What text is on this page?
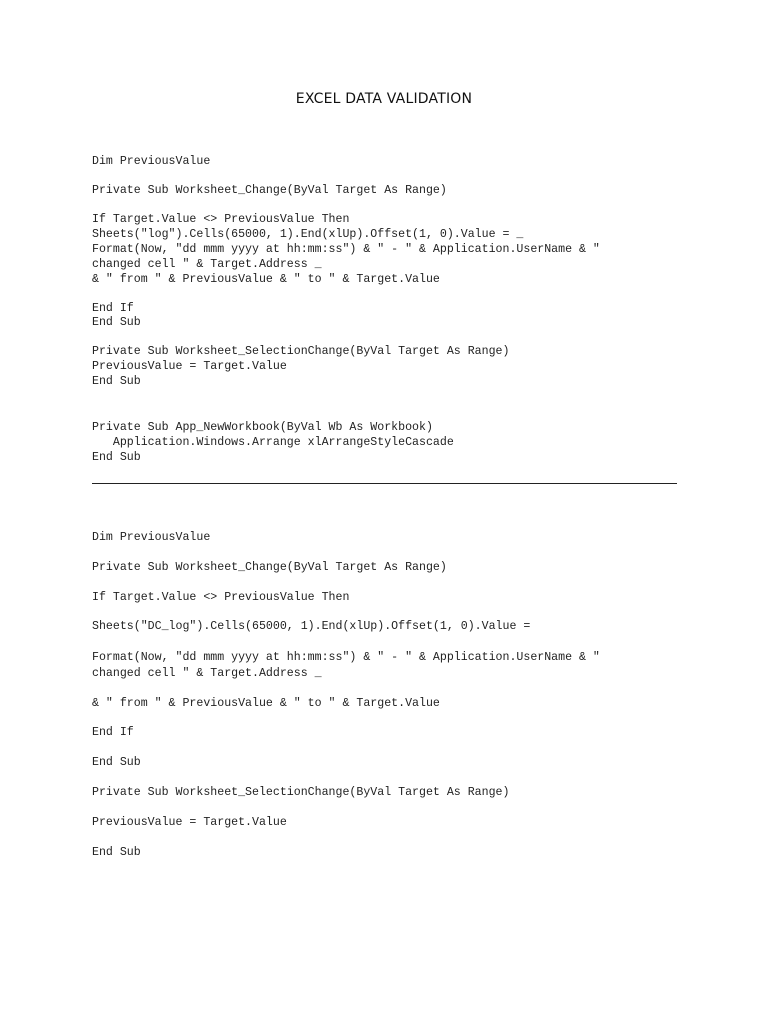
EXCEL DATA VALIDATION
Dim PreviousValue
Private Sub Worksheet_Change(ByVal Target As Range)
If Target.Value <> PreviousValue Then
Sheets("log").Cells(65000, 1).End(xlUp).Offset(1, 0).Value = _
Format(Now, "dd mmm yyyy at hh:mm:ss") & " - " & Application.UserName & "
changed cell " & Target.Address _
& " from " & PreviousValue & " to " & Target.Value
End If
End Sub
Private Sub Worksheet_SelectionChange(ByVal Target As Range)
PreviousValue = Target.Value
End Sub
Private Sub App_NewWorkbook(ByVal Wb As Workbook)
Application.Windows.Arrange xlArrangeStyleCascade
End Sub
Dim PreviousValue
Private Sub Worksheet_Change(ByVal Target As Range)
If Target.Value <> PreviousValue Then
Sheets("DC_log").Cells(65000, 1).End(xlUp).Offset(1, 0).Value =
Format(Now, "dd mmm yyyy at hh:mm:ss") & " - " & Application.UserName & "
changed cell " & Target.Address _
& " from " & PreviousValue & " to " & Target.Value
End If
End Sub
Private Sub Worksheet_SelectionChange(ByVal Target As Range)
PreviousValue = Target.Value
End Sub
